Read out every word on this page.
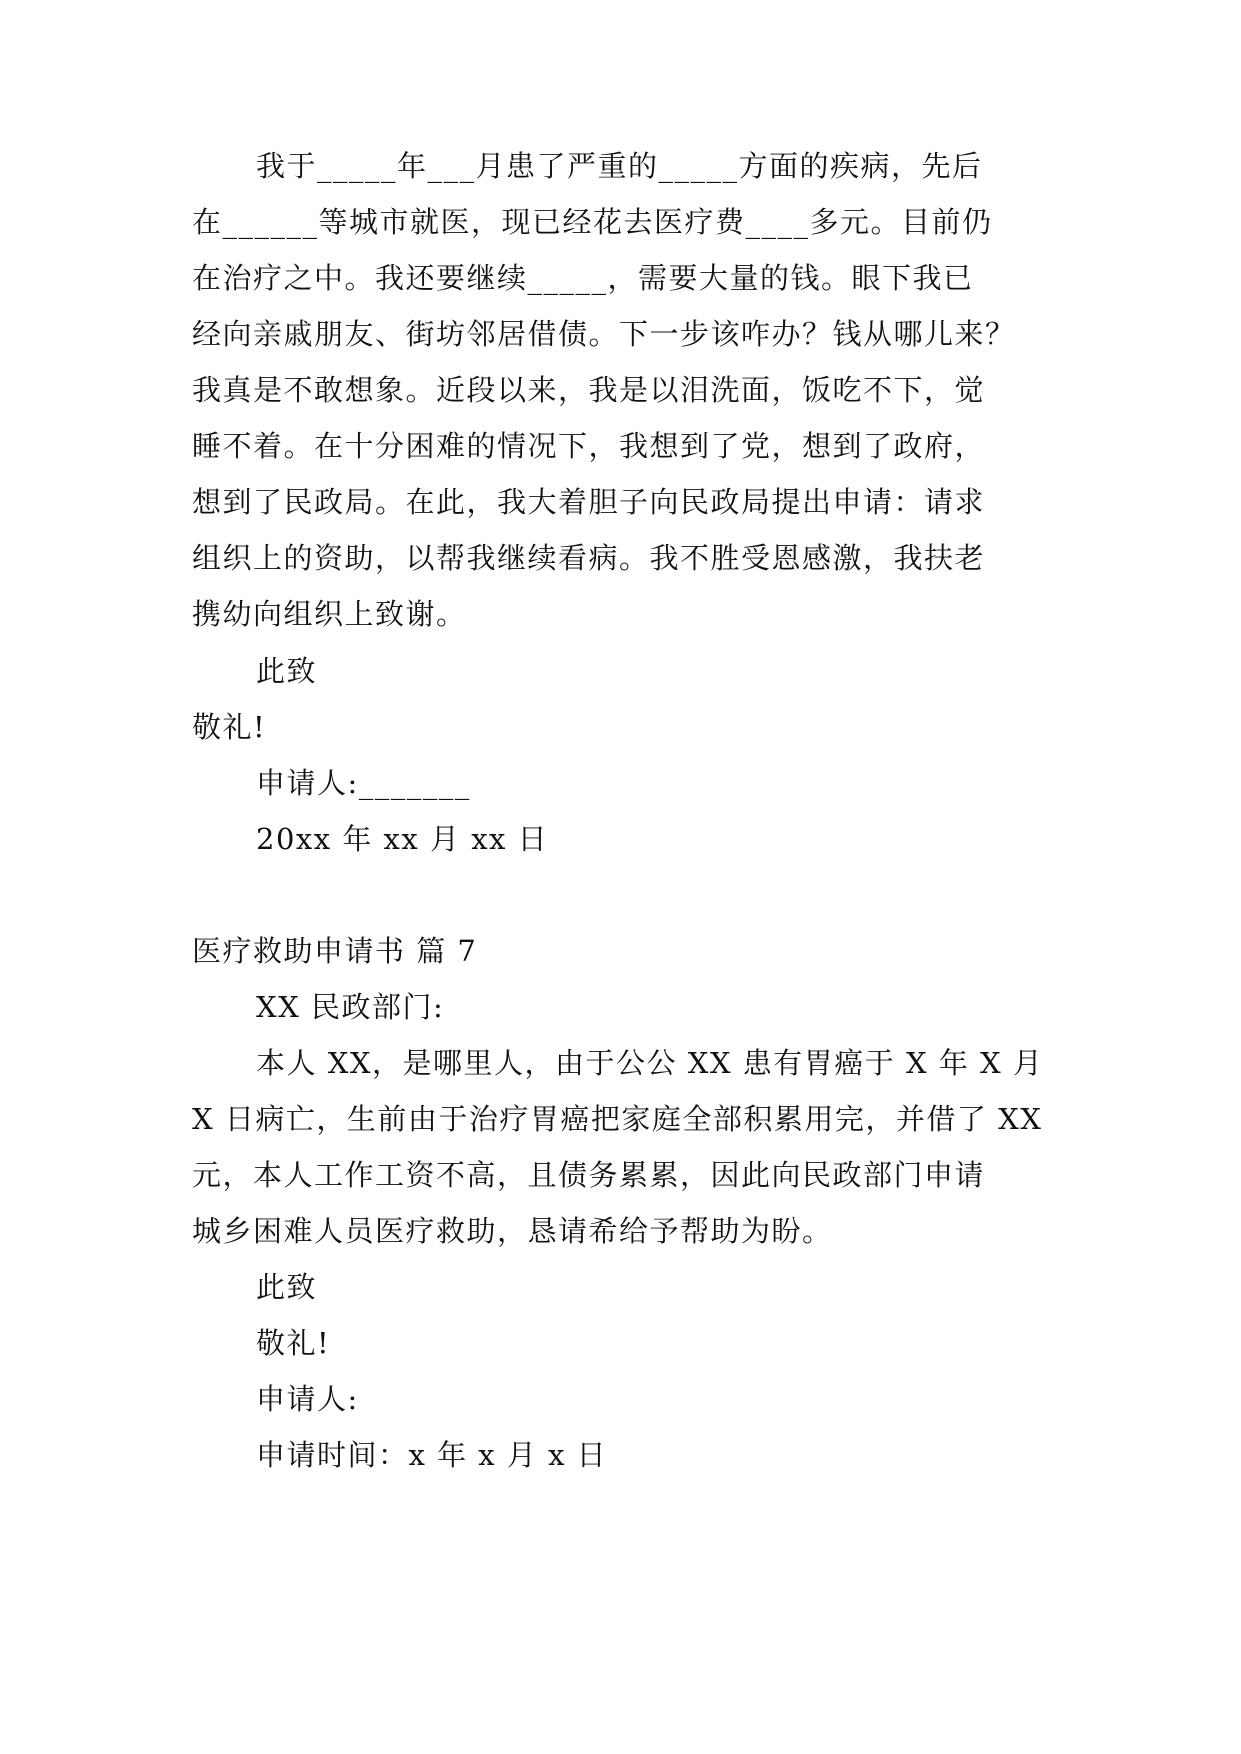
我于_____年___月患了严重的_____方面的疾病，先后
在______等城市就医，现已经花去医疗费____多元。目前仍
在治疗之中。我还要继续_____，需要大量的钱。眼下我已
经向亲戚朋友、街坊邻居借债。下一步该咋办？钱从哪儿来？
我真是不敢想象。近段以来，我是以泪洗面，饭吃不下，觉
睡不着。在十分困难的情况下，我想到了党，想到了政府，
想到了民政局。在此，我大着胆子向民政局提出申请：请求
组织上的资助，以帮我继续看病。我不胜受恩感激，我扶老
携幼向组织上致谢。
此致
敬礼!
申请人:_______
20xx 年 xx 月 xx 日
医疗救助申请书 篇 7
XX 民政部门:
本人 XX，是哪里人，由于公公 XX 患有胃癌于 X 年 X 月
X 日病亡，生前由于治疗胃癌把家庭全部积累用完，并借了 XX
元，本人工作工资不高，且债务累累，因此向民政部门申请
城乡困难人员医疗救助，恳请希给予帮助为盼。
此致
敬礼!
申请人:
申请时间：x 年 x 月 x 日
